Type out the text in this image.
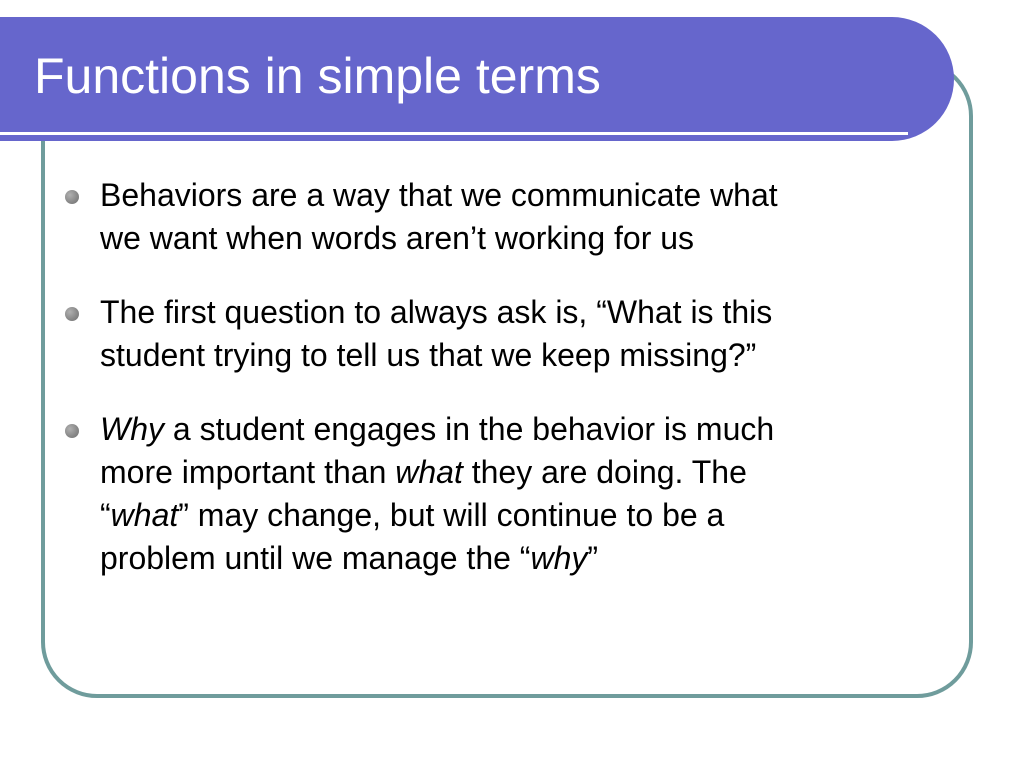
Functions in simple terms
Behaviors are a way that we communicate what
we want when words aren’t working for us
The first question to always ask is, “What is this
student trying to tell us that we keep missing?”
Why a student engages in the behavior is much
more important than what they are doing. The
“what” may change, but will continue to be a
problem until we manage the “why”
